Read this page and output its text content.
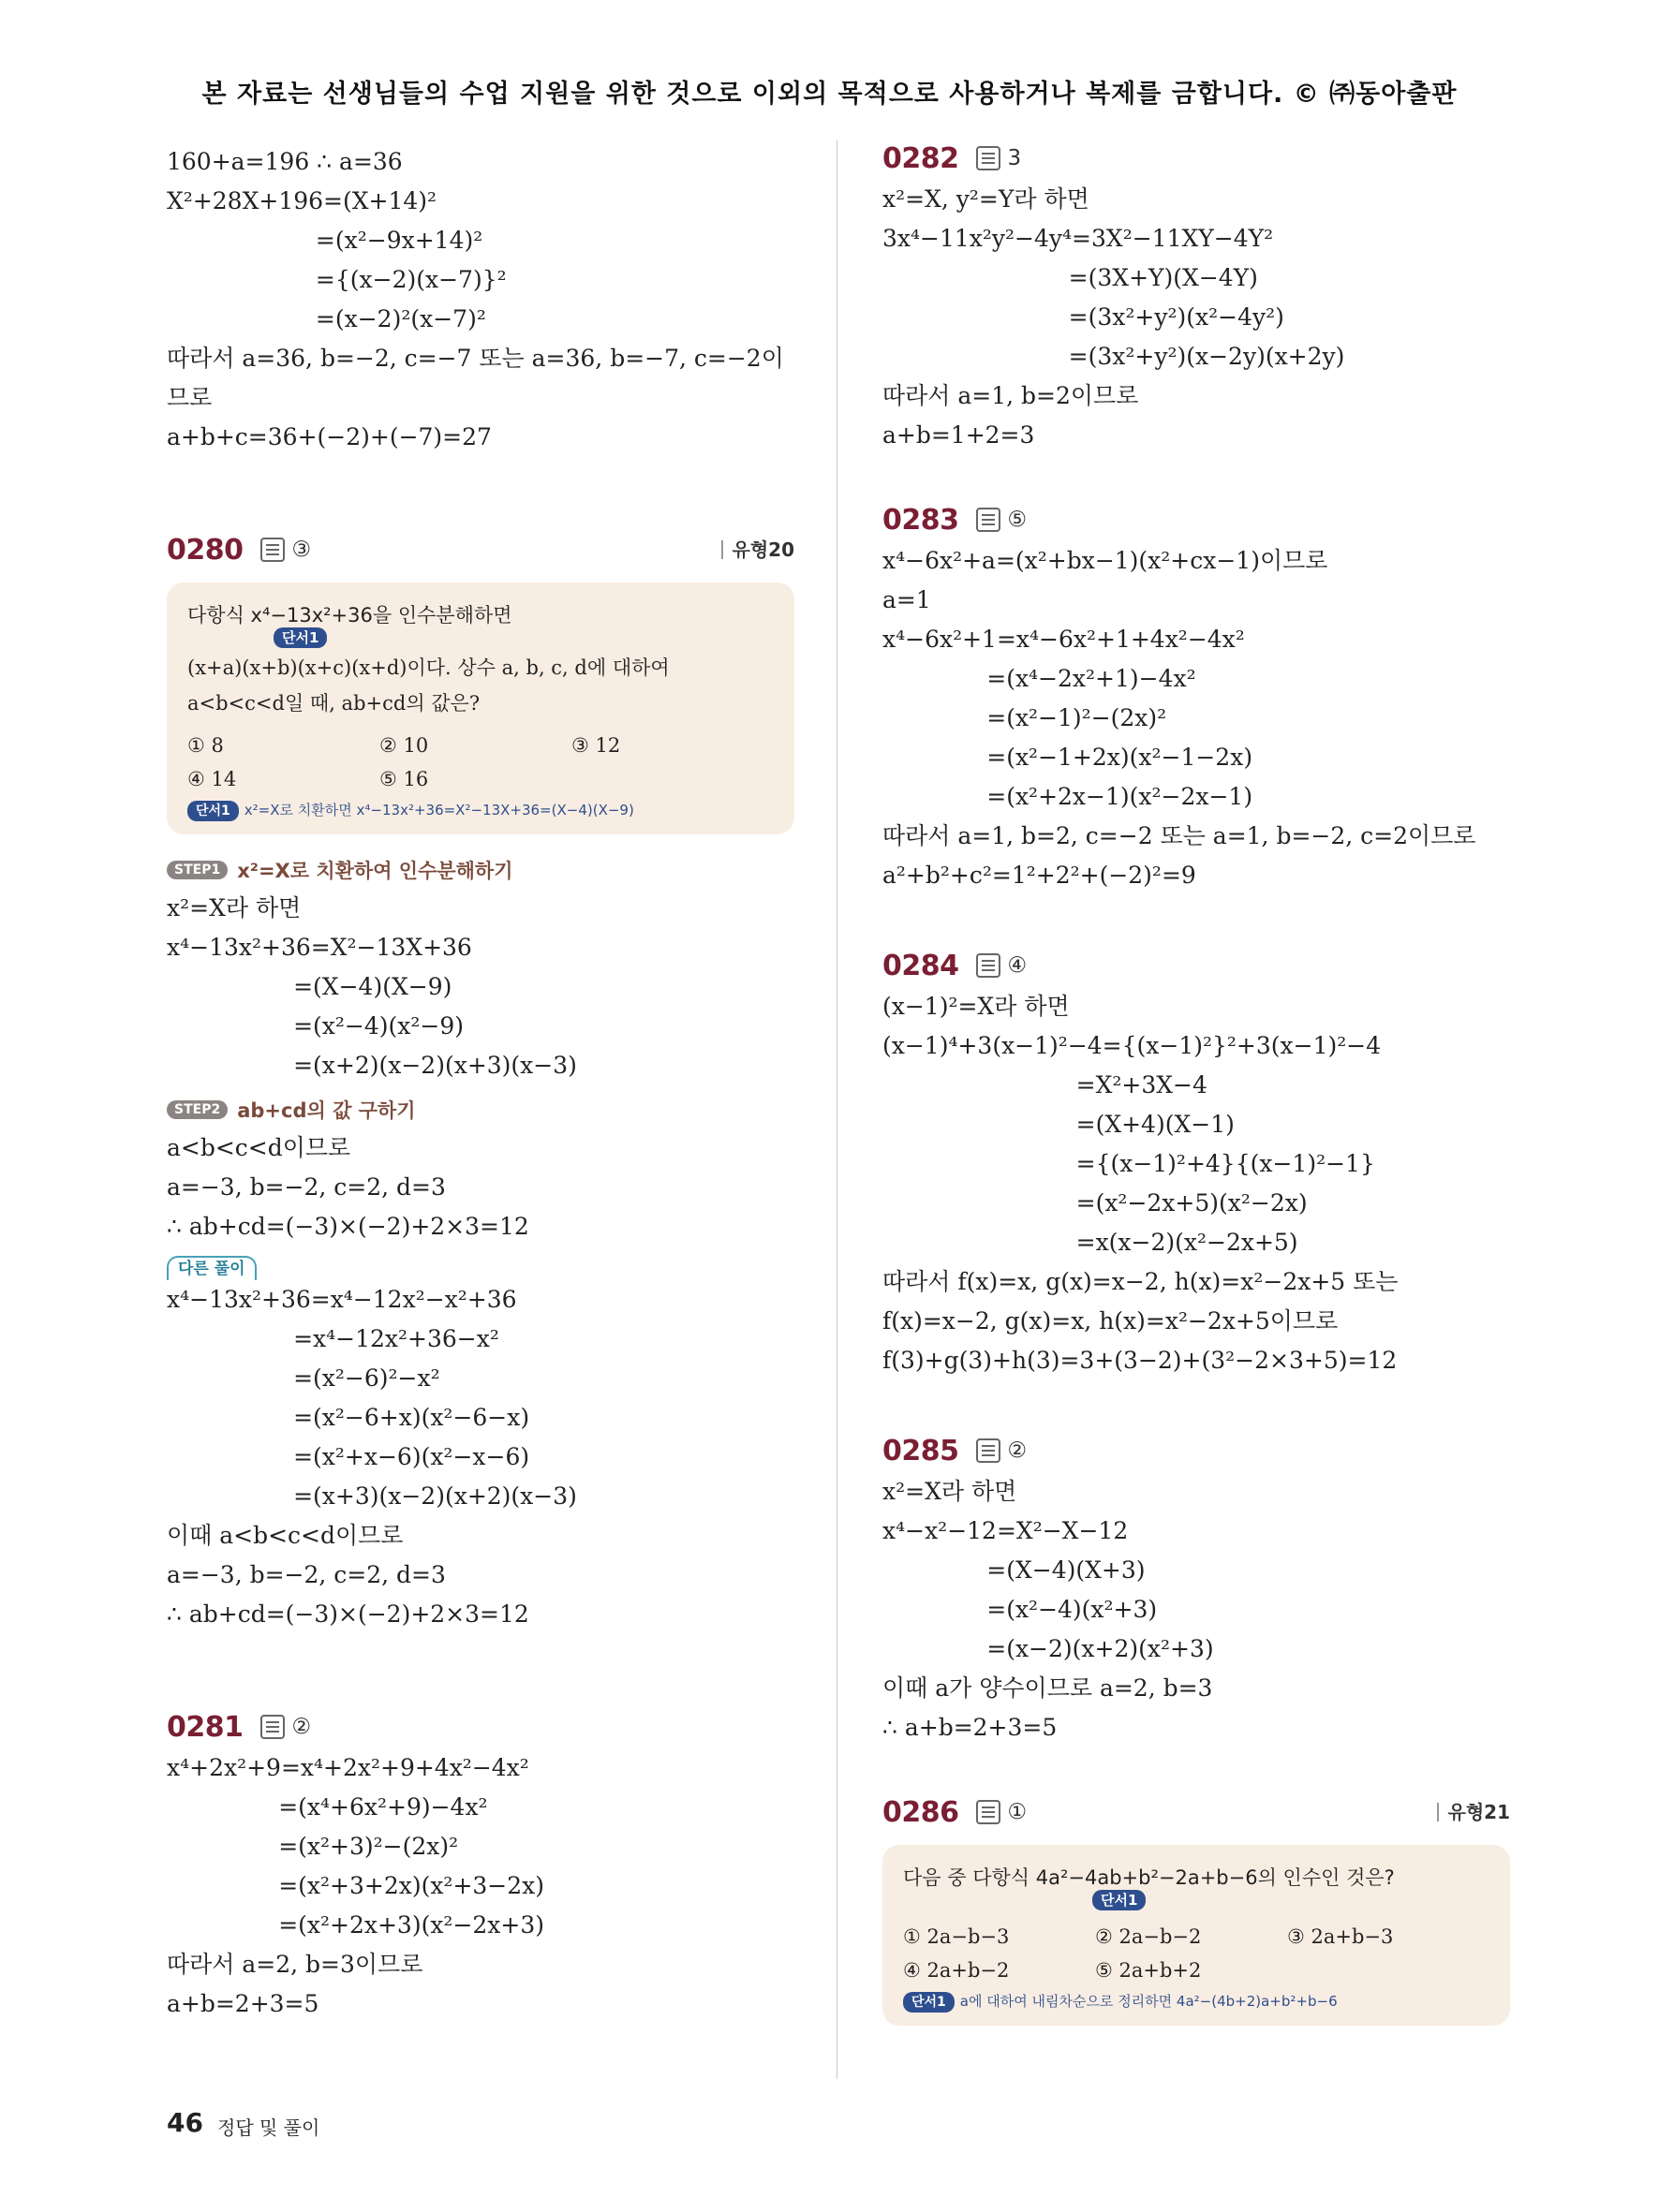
본 자료는 선생님들의 수업 지원을 위한 것으로 이외의 목적으로 사용하거나 복제를 금합니다. © ㈜동아출판
160+a=196 ∴ a=36
X²+28X+196=(X+14)²
=(x²−9x+14)²
={(x−2)(x−7)}²
=(x−2)²(x−7)²
따라서 a=36, b=−2, c=−7 또는 a=36, b=−7, c=−2이
므로
a+b+c=36+(−2)+(−7)=27
0280 ③	유형20
다항식 x⁴−13x²+36을 인수분해하면
단서1
(x+a)(x+b)(x+c)(x+d)이다. 상수 a, b, c, d에 대하여
a<b<c<d일 때, ab+cd의 값은?
① 8	② 10	③ 12
④ 14	⑤ 16
단서1 x²=X로 치환하면 x⁴−13x²+36=X²−13X+36=(X−4)(X−9)
STEP1 x²=X로 치환하여 인수분해하기
x²=X라 하면
x⁴−13x²+36=X²−13X+36
=(X−4)(X−9)
=(x²−4)(x²−9)
=(x+2)(x−2)(x+3)(x−3)
STEP2 ab+cd의 값 구하기
a<b<c<d이므로
a=−3, b=−2, c=2, d=3
∴ ab+cd=(−3)×(−2)+2×3=12
다른 풀이
x⁴−13x²+36=x⁴−12x²−x²+36
=x⁴−12x²+36−x²
=(x²−6)²−x²
=(x²−6+x)(x²−6−x)
=(x²+x−6)(x²−x−6)
=(x+3)(x−2)(x+2)(x−3)
이때 a<b<c<d이므로
a=−3, b=−2, c=2, d=3
∴ ab+cd=(−3)×(−2)+2×3=12
0281 ②
x⁴+2x²+9=x⁴+2x²+9+4x²−4x²
=(x⁴+6x²+9)−4x²
=(x²+3)²−(2x)²
=(x²+3+2x)(x²+3−2x)
=(x²+2x+3)(x²−2x+3)
따라서 a=2, b=3이므로
a+b=2+3=5
0282 3
x²=X, y²=Y라 하면
3x⁴−11x²y²−4y⁴=3X²−11XY−4Y²
=(3X+Y)(X−4Y)
=(3x²+y²)(x²−4y²)
=(3x²+y²)(x−2y)(x+2y)
따라서 a=1, b=2이므로
a+b=1+2=3
0283 ⑤
x⁴−6x²+a=(x²+bx−1)(x²+cx−1)이므로
a=1
x⁴−6x²+1=x⁴−6x²+1+4x²−4x²
=(x⁴−2x²+1)−4x²
=(x²−1)²−(2x)²
=(x²−1+2x)(x²−1−2x)
=(x²+2x−1)(x²−2x−1)
따라서 a=1, b=2, c=−2 또는 a=1, b=−2, c=2이므로
a²+b²+c²=1²+2²+(−2)²=9
0284 ④
(x−1)²=X라 하면
(x−1)⁴+3(x−1)²−4={(x−1)²}²+3(x−1)²−4
=X²+3X−4
=(X+4)(X−1)
={(x−1)²+4}{(x−1)²−1}
=(x²−2x+5)(x²−2x)
=x(x−2)(x²−2x+5)
따라서 f(x)=x, g(x)=x−2, h(x)=x²−2x+5 또는
f(x)=x−2, g(x)=x, h(x)=x²−2x+5이므로
f(3)+g(3)+h(3)=3+(3−2)+(3²−2×3+5)=12
0285 ②
x²=X라 하면
x⁴−x²−12=X²−X−12
=(X−4)(X+3)
=(x²−4)(x²+3)
=(x−2)(x+2)(x²+3)
이때 a가 양수이므로 a=2, b=3
∴ a+b=2+3=5
0286 ①	유형21
다음 중 다항식 4a²−4ab+b²−2a+b−6의 인수인 것은?
단서1
① 2a−b−3	② 2a−b−2	③ 2a+b−3
④ 2a+b−2	⑤ 2a+b+2
단서1 a에 대하여 내림차순으로 정리하면 4a²−(4b+2)a+b²+b−6
46 정답 및 풀이
